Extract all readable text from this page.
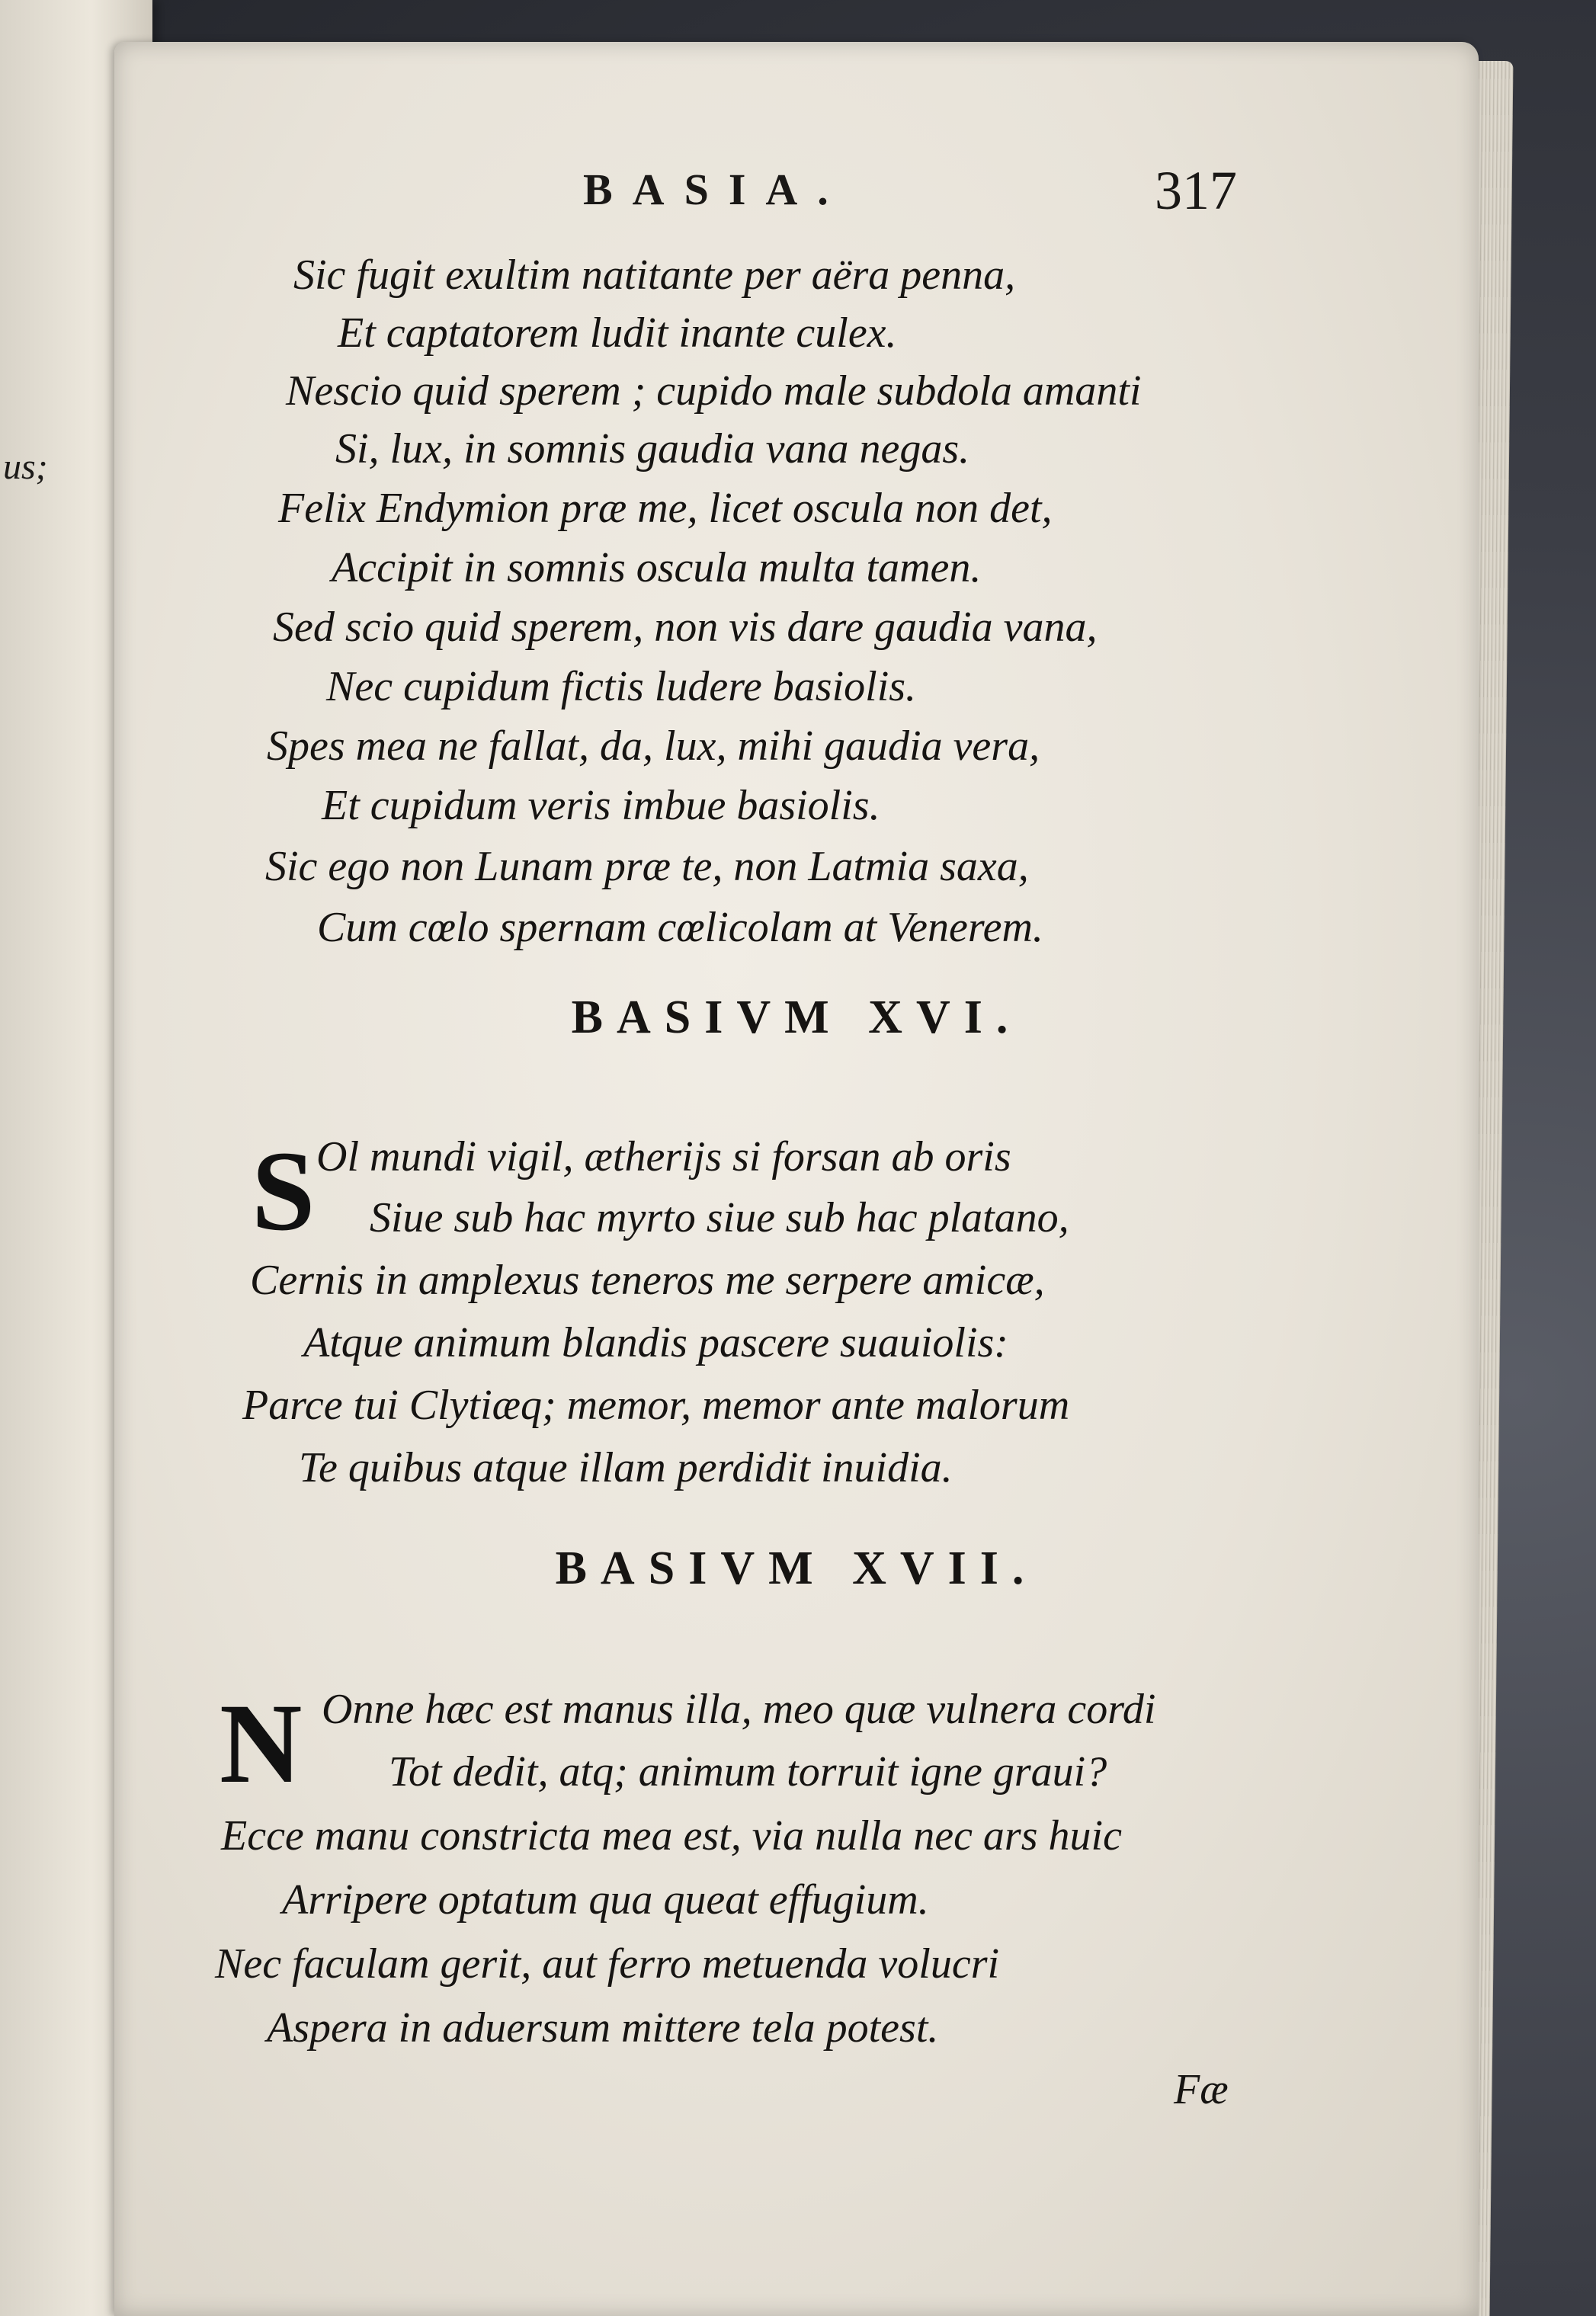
us;
BASIA.	317

Sic fugit exultim natitante per aëra penna,

Et captatorem ludit inante culex.

Nescio quid sperem ; cupido male subdola amanti

Si, lux, in somnis gaudia vana negas.

Felix Endymion præ me, licet oscula non det,

Accipit in somnis oscula multa tamen.

Sed scio quid sperem, non vis dare gaudia vana,

Nec cupidum fictis ludere basiolis.

Spes mea ne fallat, da, lux, mihi gaudia vera,

Et cupidum veris imbue basiolis.

Sic ego non Lunam præ te, non Latmia saxa,

Cum cœlo spernam cœlicolam at Venerem.

BASIVM XVI.
S Ol mundi vigil, ætherijs si forsan ab oris

Siue sub hac myrto siue sub hac platano,

Cernis in amplexus teneros me serpere amicæ,

Atque animum blandis pascere suauiolis:

Parce tui Clytiæq; memor, memor ante malorum

Te quibus atque illam perdidit inuidia.

BASIVM XVII.
N Onne hæc est manus illa, meo quæ vulnera cordi

Tot dedit, atq; animum torruit igne graui?

Ecce manu constricta mea est, via nulla nec ars huic

Arripere optatum qua queat effugium.

Nec faculam gerit, aut ferro metuenda volucri

Aspera in aduersum mittere tela potest.

Fæ
